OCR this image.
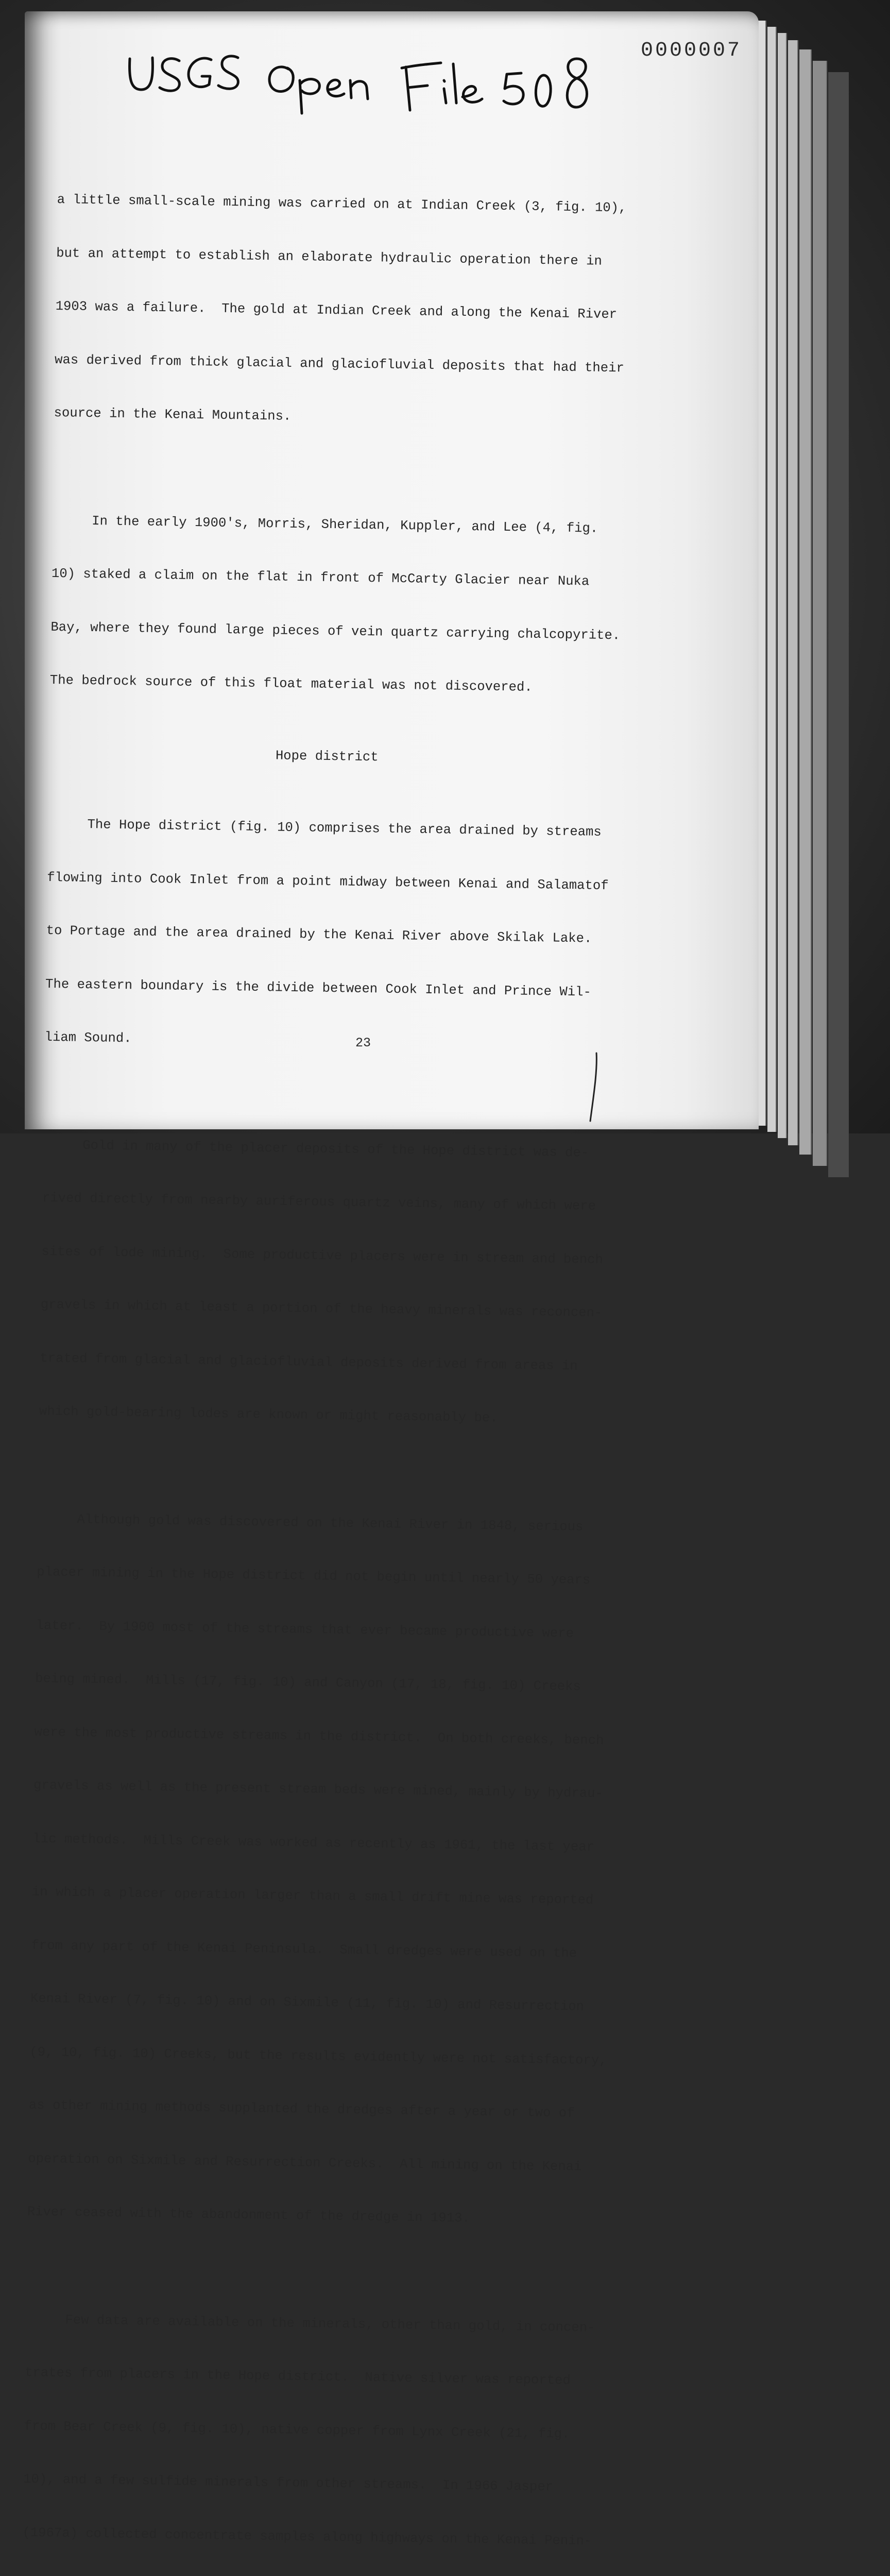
0000007

a little small-scale mining was carried on at Indian Creek (3, fig. 10),

but an attempt to establish an elaborate hydraulic operation there in

1903 was a failure.  The gold at Indian Creek and along the Kenai River

was derived from thick glacial and glaciofluvial deposits that had their

source in the Kenai Mountains.

In the early 1900's, Morris, Sheridan, Kuppler, and Lee (4, fig.

10) staked a claim on the flat in front of McCarty Glacier near Nuka

Bay, where they found large pieces of vein quartz carrying chalcopyrite.

The bedrock source of this float material was not discovered.

Hope district

The Hope district (fig. 10) comprises the area drained by streams

flowing into Cook Inlet from a point midway between Kenai and Salamatof

to Portage and the area drained by the Kenai River above Skilak Lake.

The eastern boundary is the divide between Cook Inlet and Prince Wil-

liam Sound.

Gold in many of the placer deposits of the Hope district was de-

rived directly from nearby auriferous quartz veins, many of which were

sites of lode mining.  Some productive placers were in stream and bench

gravels in which at least a portion of the heavy minerals was reconcen-

trated from glacial and glaciofluvial deposits derived from areas in

which gold-bearing lodes are known or might reasonably be.

Although gold was discovered on the Kenai River in 1848, serious

placer mining in the Hope district did not begin until nearly 50 years

later.  By 1900 most of the streams that ever became productive were

being mined.  Mills (17, fig. 10) and Canyon (17, 18, fig. 10) Creeks

were the most productive streams in the district.  On both creeks, bench

gravels as well as the present stream beds were mined, mainly by hydrau-

lic methods.  Mills Creek was worked as recently as 1961, the last year

in which a placer operation larger than a small drift mine was reported

from any part of the Kenai Peninsula.  Small dredges were used on the

Kenai River (7, fig. 10) and on Sixmile (11, fig. 10) and Resurrection

(9, 10, fig. 10) Creeks, but the results evidently were not satisfactory,

as other mining methods supplanted the dredges after a year or two of

operation on Sixmile and Resurrection Creeks.  All mining on the Kenai

River ceased with the abandonment of the dredge in 1913.

Few data are available on the minerals, other than gold, in concen-

trates from placers in the Hope district.  Native silver was reported

from Bear Creek (9, fig. 10), native copper from Lynx Creek (21, fig.

10), and a few sulfide minerals from other streams.  In 1966 Jasper

(1967a) collected concentrate samples along highways on the Kenai Penin-

23
